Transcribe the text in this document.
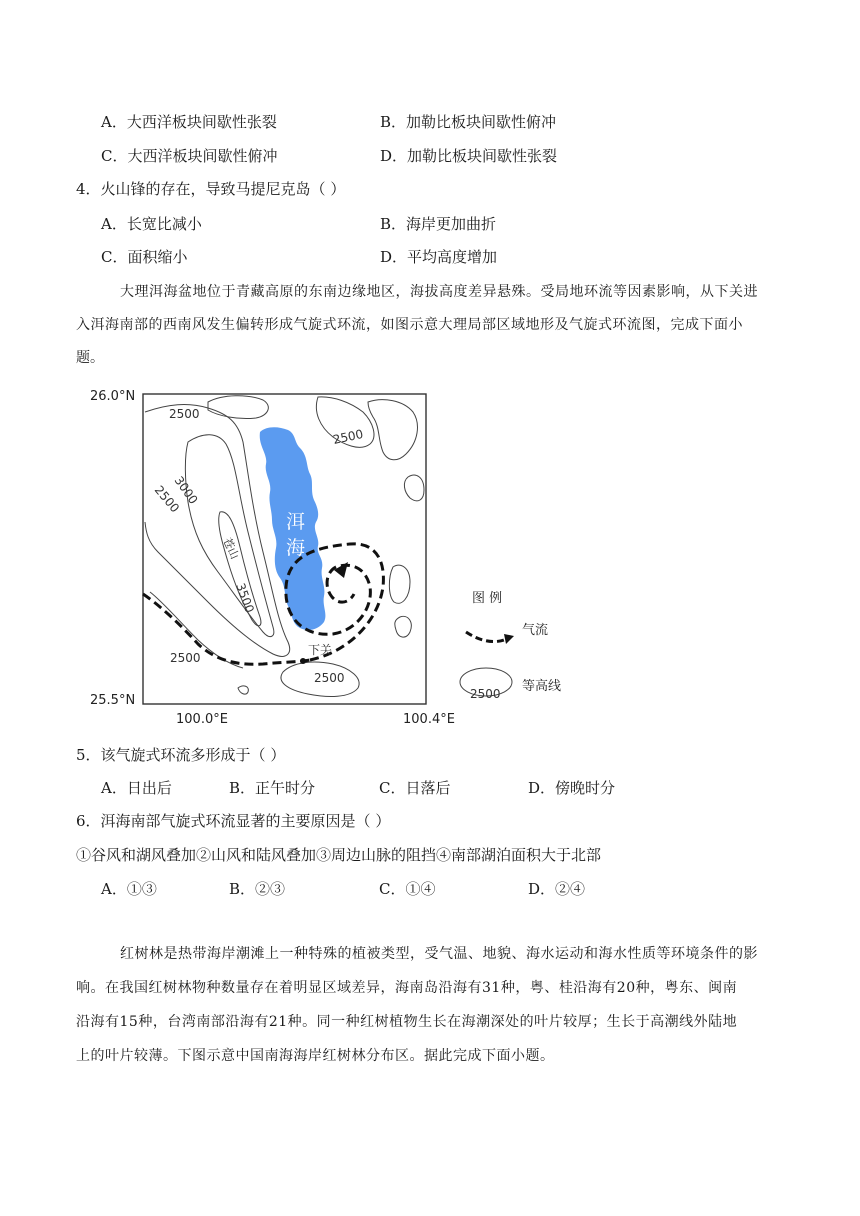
A．大西洋板块间歇性张裂	B．加勒比板块间歇性俯冲
C．大西洋板块间歇性俯冲	D．加勒比板块间歇性张裂
4．火山锋的存在，导致马提尼克岛（ ）
A．长宽比减小	B．海岸更加曲折
C．面积缩小	D．平均高度增加
大理洱海盆地位于青藏高原的东南边缘地区，海拔高度差异悬殊。受局地环流等因素影响，从下关进
入洱海南部的西南风发生偏转形成气旋式环流，如图示意大理局部区域地形及气旋式环流图，完成下面小
题。
26.0°N
25.5°N
100.0°E	100.4°E
2500
2500
3000
2500
苍山
3500
2500
2500
下关
洱
海
图 例
气流
2500 等高线
5．该气旋式环流多形成于（ ）
A．日出后	B．正午时分	C．日落后	D．傍晚时分
6．洱海南部气旋式环流显著的主要原因是（ ）
①谷风和湖风叠加②山风和陆风叠加③周边山脉的阻挡④南部湖泊面积大于北部
A．①③	B．②③	C．①④	D．②④
红树林是热带海岸潮滩上一种特殊的植被类型，受气温、地貌、海水运动和海水性质等环境条件的影
响。在我国红树林物种数量存在着明显区域差异，海南岛沿海有31种，粤、桂沿海有20种，粤东、闽南
沿海有15种，台湾南部沿海有21种。同一种红树植物生长在海潮深处的叶片较厚；生长于高潮线外陆地
上的叶片较薄。下图示意中国南海海岸红树林分布区。据此完成下面小题。
